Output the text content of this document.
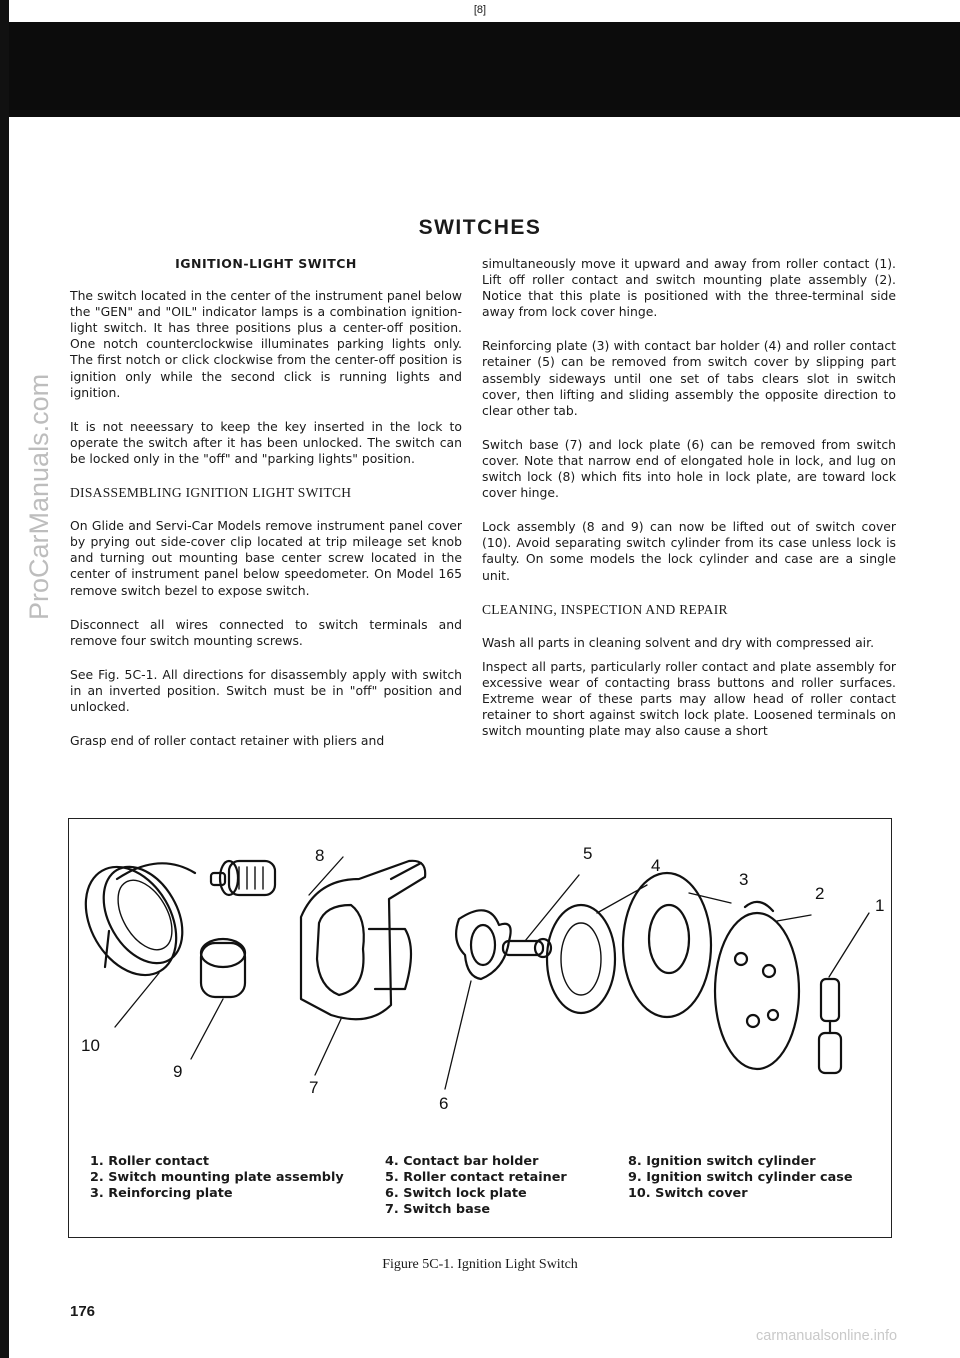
[8]
ProCarManuals.com
SWITCHES
IGNITION-LIGHT SWITCH

The switch located in the center of the instrument panel below the "GEN" and "OIL" indicator lamps is a combination ignition-light switch. It has three positions plus a center-off position. One notch counterclockwise illuminates parking lights only. The first notch or click clockwise from the center-off position is ignition only while the second click is running lights and ignition.

It is not neeessary to keep the key inserted in the lock to operate the switch after it has been unlocked. The switch can be locked only in the "off" and "parking lights" position.

DISASSEMBLING IGNITION LIGHT SWITCH

On Glide and Servi-Car Models remove instrument panel cover by prying out side-cover clip located at trip mileage set knob and turning out mounting base center screw located in the center of instrument panel below speedometer. On Model 165 remove switch bezel to expose switch.

Disconnect all wires connected to switch terminals and remove four switch mounting screws.

See Fig. 5C-1. All directions for disassembly apply with switch in an inverted position. Switch must be in "off" position and unlocked.

Grasp end of roller contact retainer with pliers and

simultaneously move it upward and away from roller contact (1). Lift off roller contact and switch mounting plate assembly (2). Notice that this plate is positioned with the three-terminal side away from lock cover hinge.

Reinforcing plate (3) with contact bar holder (4) and roller contact retainer (5) can be removed from switch cover by slipping part assembly sideways until one set of tabs clears slot in switch cover, then lifting and sliding assembly the opposite direction to clear other tab.

Switch base (7) and lock plate (6) can be removed from switch cover. Note that narrow end of elongated hole in lock, and lug on switch lock (8) which fits into hole in lock plate, are toward lock cover hinge.

Lock assembly (8 and 9) can now be lifted out of switch cover (10). Avoid separating switch cylinder from its case unless lock is faulty. On some models the lock cylinder and case are a single unit.

CLEANING, INSPECTION AND REPAIR

Wash all parts in cleaning solvent and dry with compressed air.

Inspect all parts, particularly roller contact and plate assembly for excessive wear of contacting brass buttons and roller surfaces. Extreme wear of these parts may allow head of roller contact retainer to short against switch lock plate. Loosened terminals on switch mounting plate may also cause a short

1
2
3
4
5
6
7
8
9
10
1. Roller contact
2. Switch mounting plate assembly
3. Reinforcing plate
4. Contact bar holder
5. Roller contact retainer
6. Switch lock plate
7. Switch base
8. Ignition switch cylinder
9. Ignition switch cylinder case
10. Switch cover
Figure 5C-1. Ignition Light Switch
176
carmanualsonline.info
